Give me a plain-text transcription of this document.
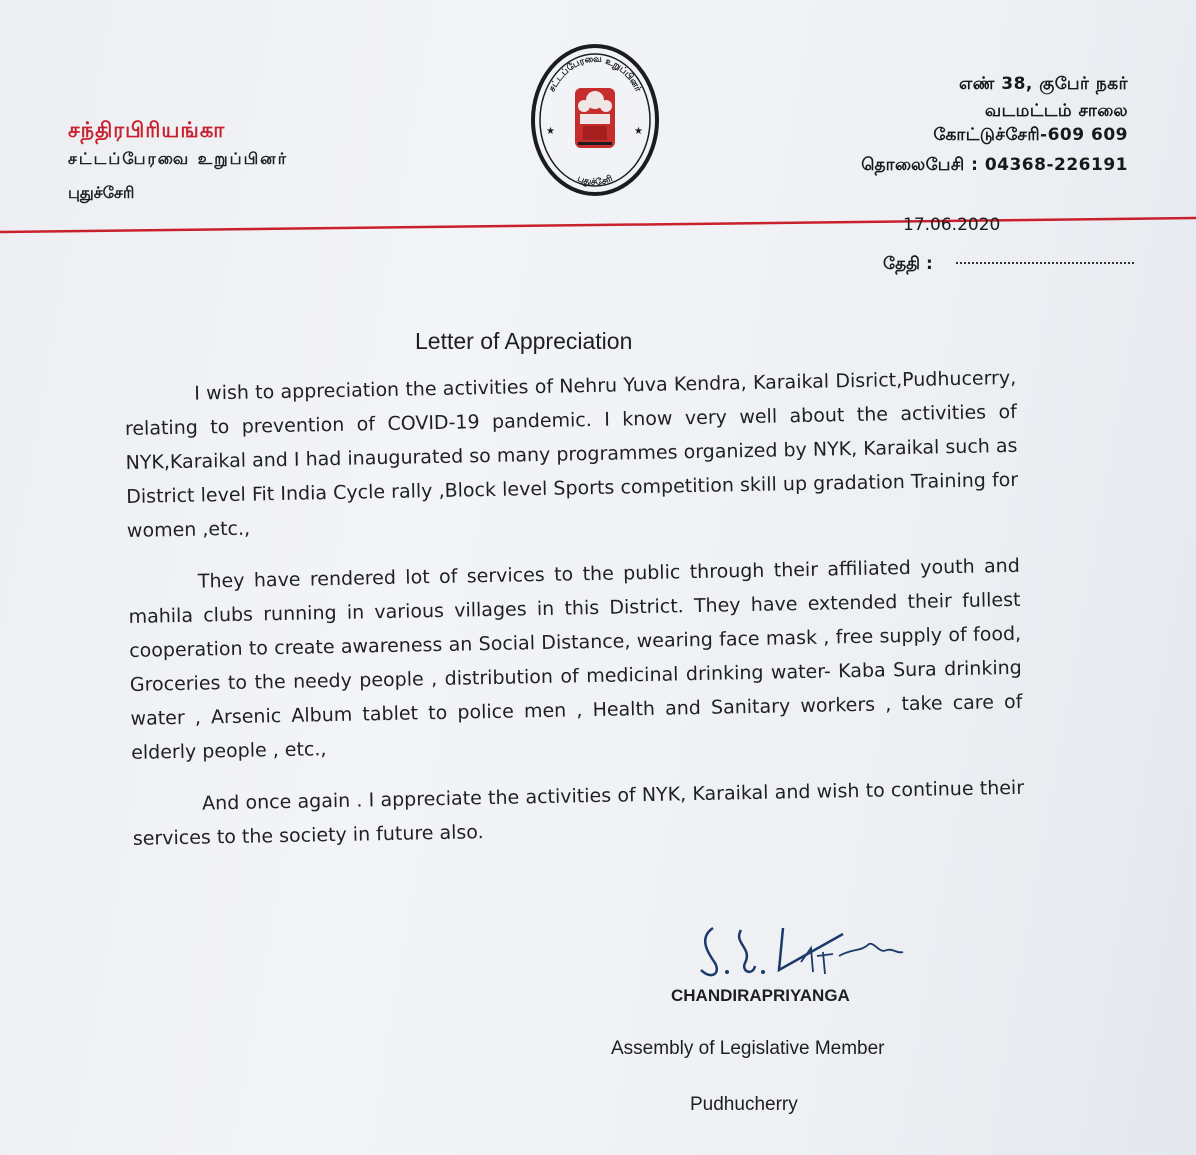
சந்திரபிரியங்கா
சட்டப்பேரவை உறுப்பினர்
புதுச்சேரி
★	★
சட்டப்பேரவை உறுப்பினர்
புதுச்சேரி
எண் 38, குபேர் நகர்
வடமட்டம் சாலை
கோட்டுச்சேரி-609 609
தொலைபேசி : 04368-226191
17.06.2020
தேதி :
Letter of Appreciation

I wish to appreciation the activities of Nehru Yuva Kendra, Karaikal Disrict,Pudhucerry, relating to prevention of COVID-19 pandemic. I know very well about the activities of NYK,Karaikal and I had inaugurated so many programmes organized by NYK, Karaikal such as District level Fit India Cycle rally ,Block level Sports competition skill up gradation Training for women ,etc.,

They have rendered lot of services to the public through their affiliated youth and mahila clubs running in various villages in this District. They have extended their fullest cooperation to create awareness an Social Distance, wearing face mask , free supply of food, Groceries to the needy people , distribution of medicinal drinking water- Kaba Sura drinking water , Arsenic Album tablet to police men , Health and Sanitary workers , take care of elderly people , etc.,

And once again . I appreciate the activities of NYK, Karaikal and wish to continue their services to the society in future also.

CHANDIRAPRIYANGA
Assembly of Legislative Member
Pudhucherry
